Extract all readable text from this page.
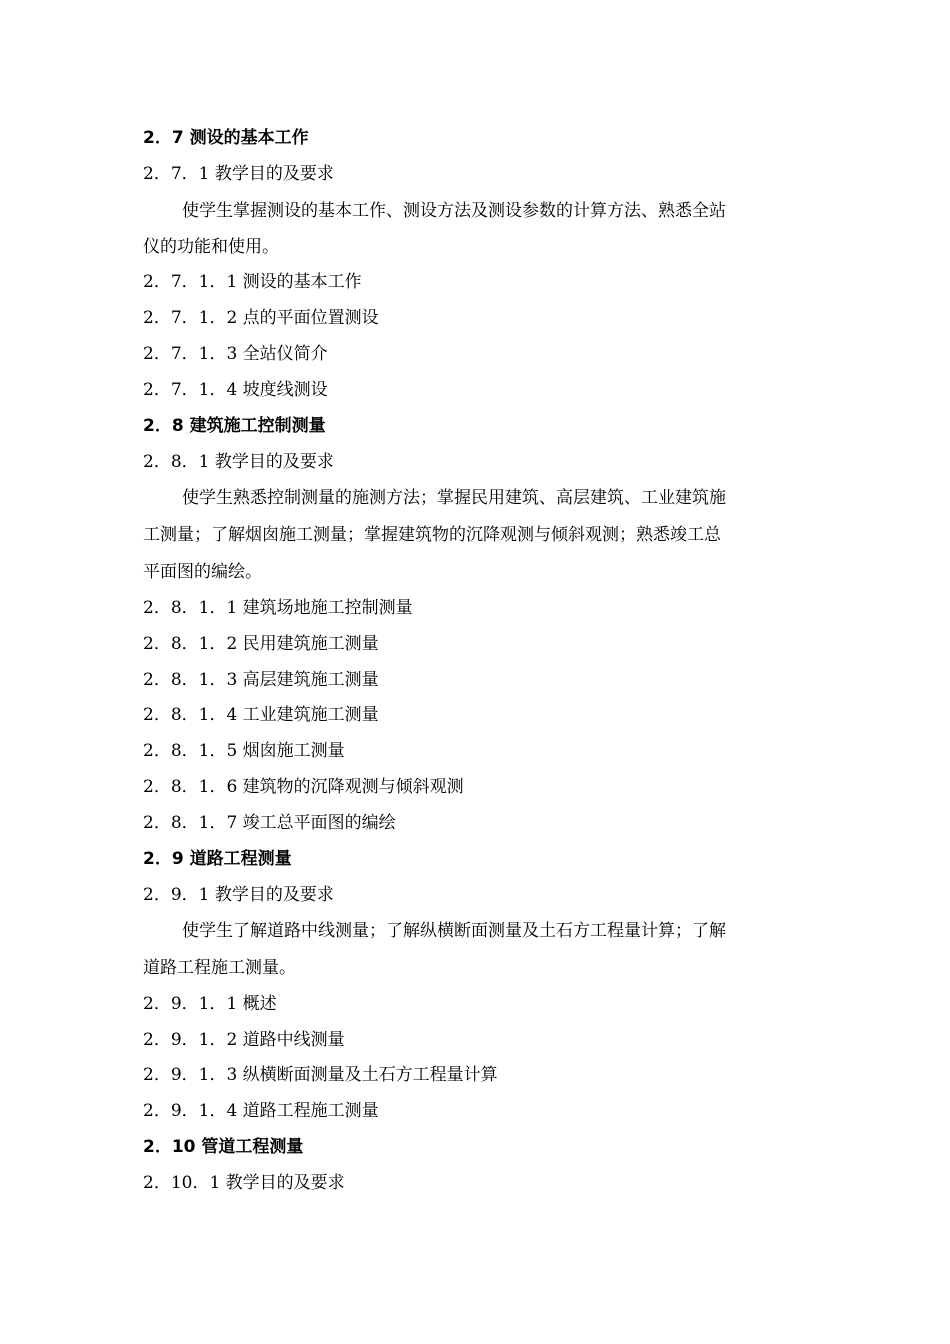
2．7 测设的基本工作
2．7．1 教学目的及要求
使学生掌握测设的基本工作、测设方法及测设参数的计算方法、熟悉全站
仪的功能和使用。
2．7．1．1 测设的基本工作
2．7．1．2 点的平面位置测设
2．7．1．3 全站仪简介
2．7．1．4 坡度线测设
2．8 建筑施工控制测量
2．8．1 教学目的及要求
使学生熟悉控制测量的施测方法；掌握民用建筑、高层建筑、工业建筑施
工测量；了解烟囱施工测量；掌握建筑物的沉降观测与倾斜观测；熟悉竣工总
平面图的编绘。
2．8．1．1 建筑场地施工控制测量
2．8．1．2 民用建筑施工测量
2．8．1．3 高层建筑施工测量
2．8．1．4 工业建筑施工测量
2．8．1．5 烟囱施工测量
2．8．1．6 建筑物的沉降观测与倾斜观测
2．8．1．7 竣工总平面图的编绘
2．9 道路工程测量
2．9．1 教学目的及要求
使学生了解道路中线测量；了解纵横断面测量及土石方工程量计算；了解
道路工程施工测量。
2．9．1．1 概述
2．9．1．2 道路中线测量
2．9．1．3 纵横断面测量及土石方工程量计算
2．9．1．4 道路工程施工测量
2．10 管道工程测量
2．10．1 教学目的及要求
